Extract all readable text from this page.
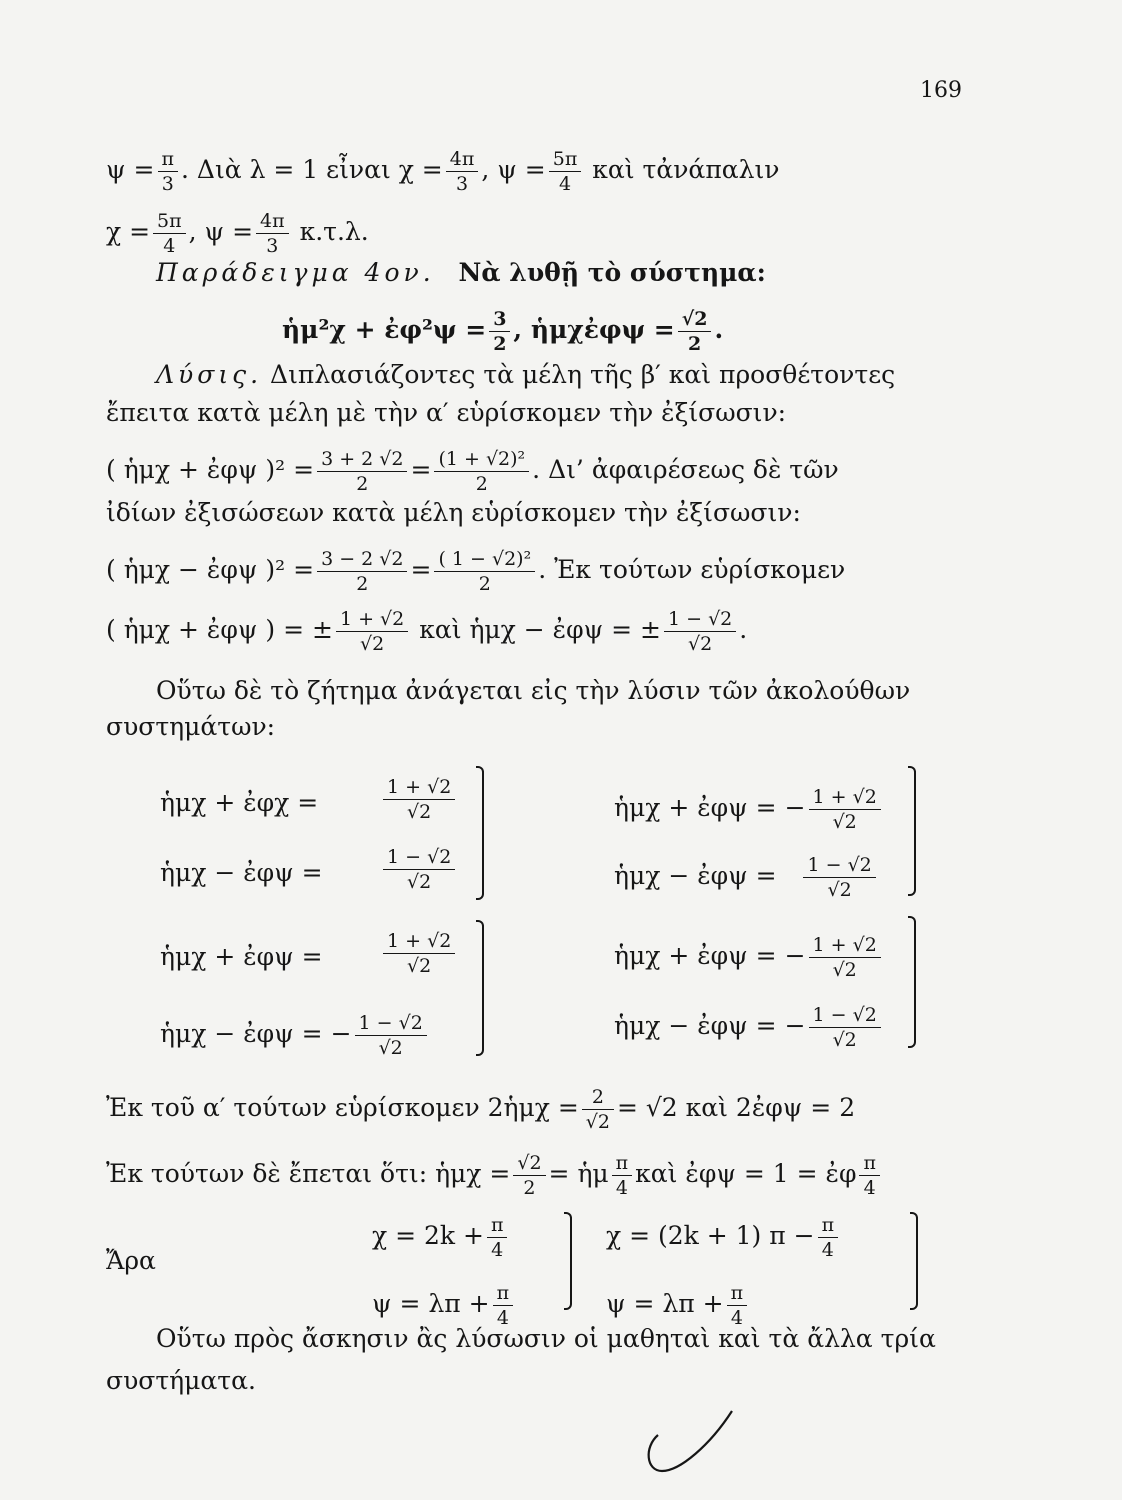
169
$\psi = \frac{\pi}{3}$ . Διὰ λ = 1 εἶναι $\chi = \frac{4\pi}{3}$ , $\psi = \frac{5\pi}{4}$ καὶ τἀνάπαλιν
$\chi = \frac{5\pi}{4}$ , $\psi = \frac{4\pi}{3} \kappa.\tau.\lambda$.
Παράδειγμα 4ον. Νὰ λυθῇ τὸ σύστημα:
ἡμ²χ + ἐφ²ψ = $\frac{3}{2}$ , ἡμχἐφψ = $\frac{√2}{2}$ .
Λύσις. Διπλασιάζοντες τὰ μέλη τῆς β′ καὶ προσθέτοντες
ἔπειτα κατὰ μέλη μὲ τὴν α′ εὑρίσκομεν τὴν ἐξίσωσιν:
( ἡμχ + ἐφψ )$^2 = \frac{3 + 2 √2}{2} = \frac{\text{(1 + √2)²}}{2}$ . Δι’ ἀφαιρέσεως δὲ τῶν
ἰδίων ἐξισώσεων κατὰ μέλη εὑρίσκομεν τὴν ἐξίσωσιν:
( ἡμχ − ἐφψ )$^2 = \frac{3 - 2 √2}{2} = \frac{\text{( 1 − √2)²}}{2}$ . Ἐκ τούτων εὑρίσκομεν
( ἡμχ + ἐφψ ) = ± $\frac{1 + √2}{√2}$ καὶ ἡμχ − ἐφψ = ± $\frac{1 - √2}{√2}$ .
Οὕτω δὲ τὸ ζήτημα ἀνάγεται εἰς τὴν λύσιν τῶν ἀκολούθων
συστημάτων:
ἡμχ + ἐφχ =	$\frac{1 + √2}{√2}$
ἡμχ − ἐφψ =	$\frac{1 - √2}{√2}$
ἡμχ + ἐφψ = − $\frac{1 + √2}{√2}$
ἡμχ − ἐφψ = $\frac{1 - √2}{√2}$
ἡμχ + ἐφψ =	$\frac{1 + √2}{√2}$
ἡμχ − ἐφψ = − $\frac{1 - √2}{√2}$
ἡμχ + ἐφψ = − $\frac{1 + √2}{√2}$
ἡμχ − ἐφψ = − $\frac{1 - √2}{√2}$
Ἐκ τοῦ α′ τούτων εὑρίσκομεν 2ἡμχ = $\frac{2}{√2} = √2$ καὶ 2ἐφψ = 2
Ἐκ τούτων δὲ ἔπεται ὅτι: ἡμχ = $\frac{√2}{2}$ = ἡμ $\frac{\pi}{4}$ καὶ ἐφψ = 1 = ἐφ $\frac{\pi}{4}$
Ἄρα
$\chi = 2k + \frac{\pi}{4}$
$\psi = \lambda\pi + \frac{\pi}{4}$
χ = (2k + 1) $\pi - \frac{\pi}{4}$
$\psi = \lambda\pi + \frac{\pi}{4}$
Οὕτω πρὸς ἄσκησιν ἂς λύσωσιν οἱ μαθηταὶ καὶ τὰ ἄλλα τρία
συστήματα.
